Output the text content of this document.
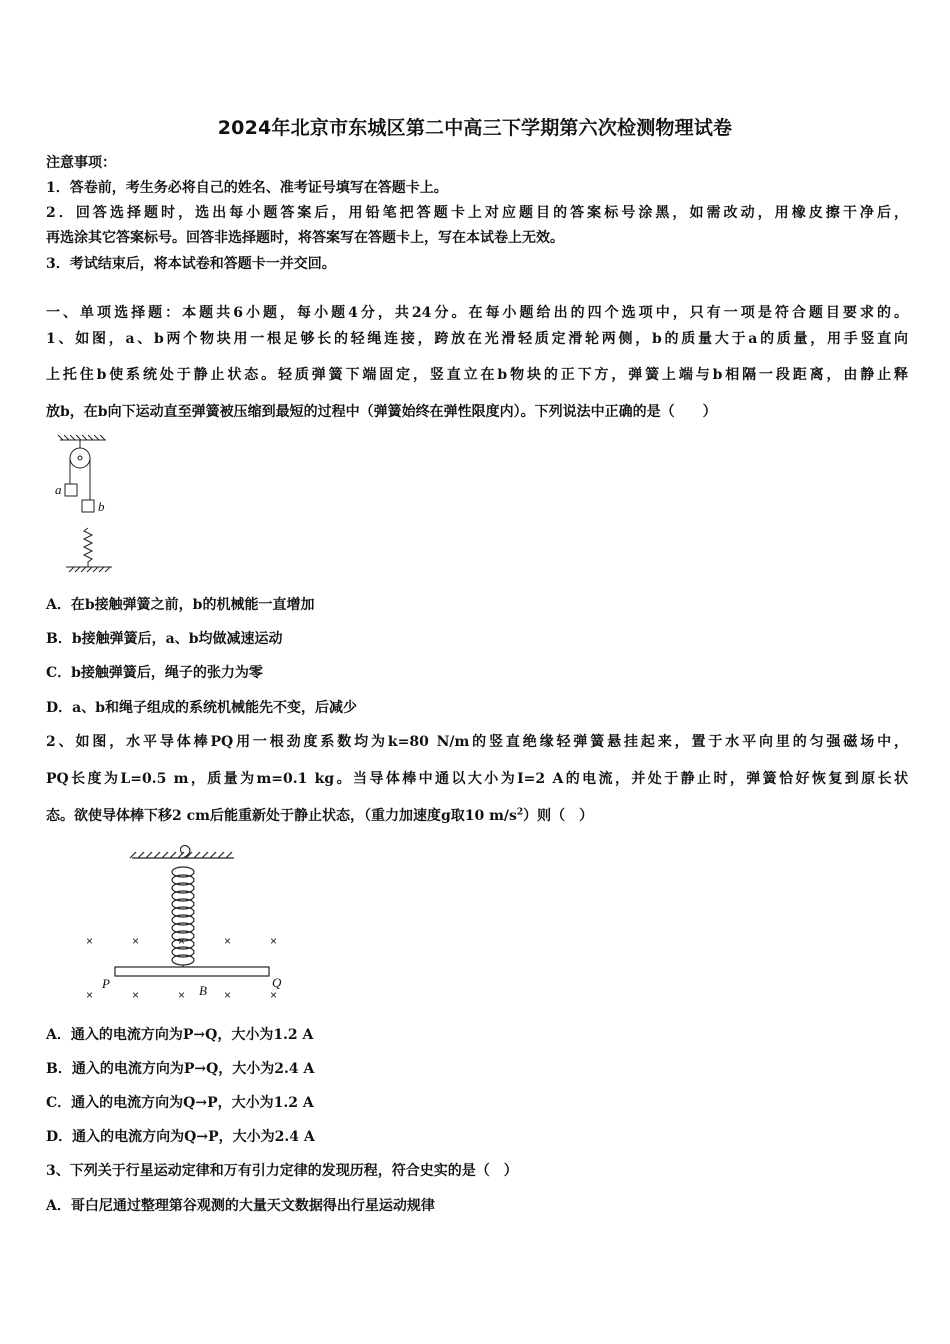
2024年北京市东城区第二中高三下学期第六次检测物理试卷
注意事项：
1．答卷前，考生务必将自己的姓名、准考证号填写在答题卡上。
2．回答选择题时，选出每小题答案后，用铅笔把答题卡上对应题目的答案标号涂黑，如需改动，用橡皮擦干净后，
再选涂其它答案标号。回答非选择题时，将答案写在答题卡上，写在本试卷上无效。
3．考试结束后，将本试卷和答题卡一并交回。
一、单项选择题：本题共6小题，每小题4分，共24分。在每小题给出的四个选项中，只有一项是符合题目要求的。
1、如图，a、b两个物块用一根足够长的轻绳连接，跨放在光滑轻质定滑轮两侧，b的质量大于a的质量，用手竖直向
上托住b使系统处于静止状态。轻质弹簧下端固定，竖直立在b物块的正下方，弹簧上端与b相隔一段距离，由静止释
放b，在b向下运动直至弹簧被压缩到最短的过程中（弹簧始终在弹性限度内）。下列说法中正确的是（　　）
a
b
A．在b接触弹簧之前，b的机械能一直增加
B．b接触弹簧后，a、b均做减速运动
C．b接触弹簧后，绳子的张力为零
D．a、b和绳子组成的系统机械能先不变，后减少
2、如图，水平导体棒PQ用一根劲度系数均为k=80 N/m的竖直绝缘轻弹簧悬挂起来，置于水平向里的匀强磁场中，
PQ长度为L=0.5 m，质量为m=0.1 kg。当导体棒中通以大小为I=2 A的电流，并处于静止时，弹簧恰好恢复到原长状
态。欲使导体棒下移2 cm后能重新处于静止状态，（重力加速度g取10 $m/s^2$）则（　）
×	×	×	×	×
×	×	×	×	×
P	Q
B
A．通入的电流方向为P→Q，大小为1.2 A
B．通入的电流方向为P→Q，大小为2.4 A
C．通入的电流方向为Q→P，大小为1.2 A
D．通入的电流方向为Q→P，大小为2.4 A
3、下列关于行星运动定律和万有引力定律的发现历程，符合史实的是（　）
A．哥白尼通过整理第谷观测的大量天文数据得出行星运动规律
